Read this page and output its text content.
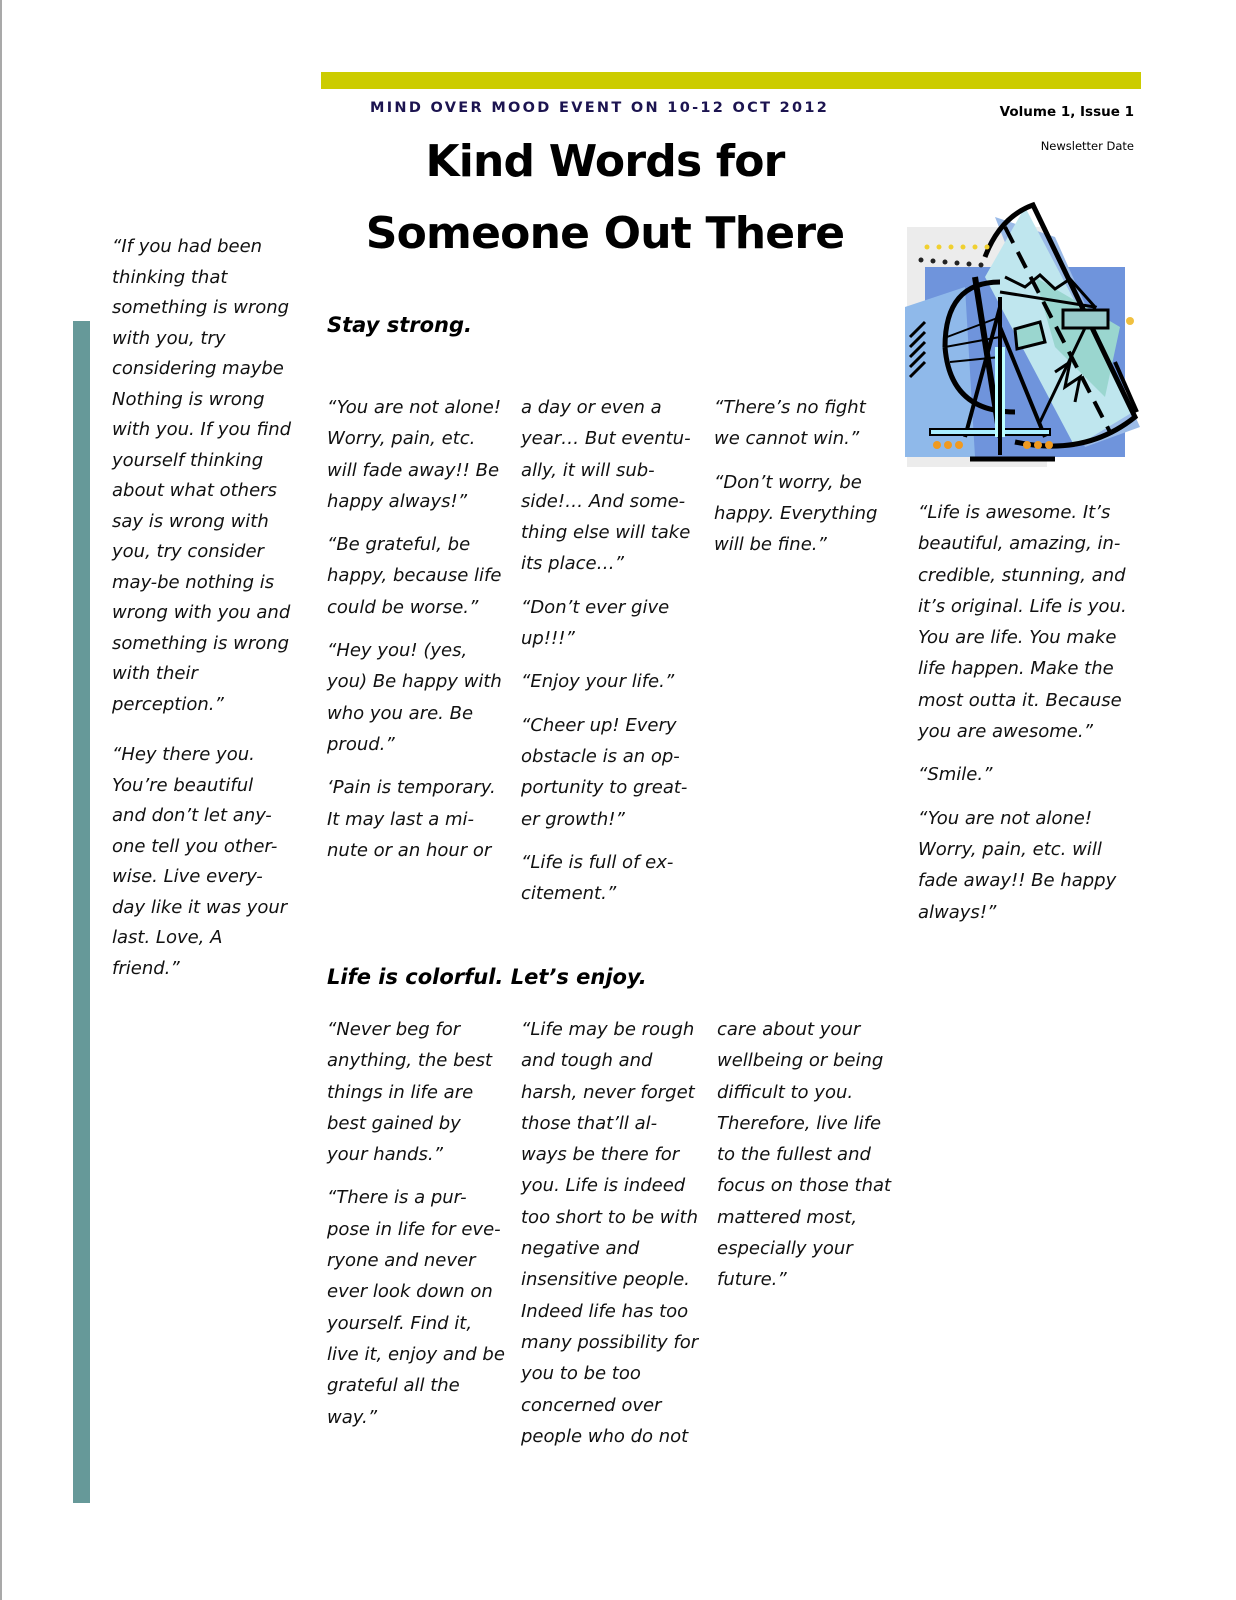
MIND OVER MOOD EVENT ON 10-12 OCT 2012	Volume 1, Issue 1
Newsletter Date
Kind Words for
Someone Out There

“If you had been thinking that something is wrong with you, try considering maybe Nothing is wrong with you. If you find yourself thinking about what others say is wrong with you, try consider may-be nothing is wrong with you and something is wrong with their perception.”

“Hey there you. You’re beautiful and don’t let any-one tell you other-wise. Live every-day like it was your last. Love, A friend.”

Stay strong.

“You are not alone! Worry, pain, etc. will fade away!! Be happy always!”

“Be grateful, be happy, because life could be worse.”

“Hey you! (yes, you) Be happy with who you are. Be proud.”

‘Pain is temporary. It may last a mi-nute or an hour or

a day or even a year… But eventu-ally, it will sub-side!… And some-thing else will take its place…”

“Don’t ever give up!!!”

“Enjoy your life.”

“Cheer up! Every obstacle is an op-portunity to great-er growth!”

“Life is full of ex-citement.”

“There’s no fight we cannot win.”

“Don’t worry, be happy. Everything will be fine.”

“Life is awesome. It’s beautiful, amazing, in-credible, stunning, and it’s original. Life is you. You are life. You make life happen. Make the most outta it. Because you are awesome.”

“Smile.”

“You are not alone! Worry, pain, etc. will fade away!! Be happy always!”

Life is colorful. Let’s enjoy.

“Never beg for anything, the best things in life are best gained by your hands.”

“There is a pur-pose in life for eve-ryone and never ever look down on yourself. Find it, live it, enjoy and be grateful all the way.”

“Life may be rough and tough and harsh, never forget those that’ll al-ways be there for you. Life is indeed too short to be with negative and insensitive people. Indeed life has too many possibility for you to be too concerned over people who do not

care about your wellbeing or being difficult to you. Therefore, live life to the fullest and focus on those that mattered most, especially your future.”
